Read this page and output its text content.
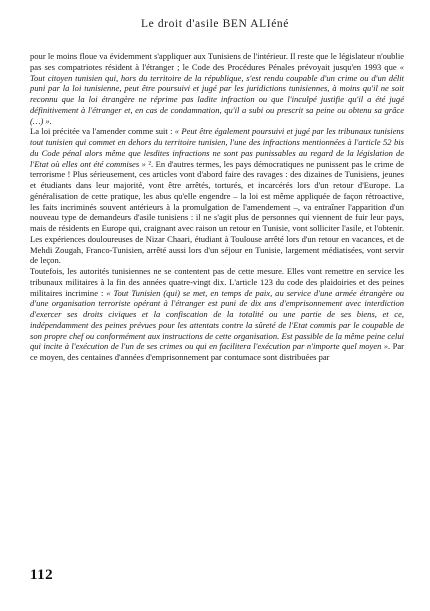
Le droit d'asile BEN ALIéné

pour le moins floue va évidemment s'appliquer aux Tunisiens de l'intérieur. Il reste que le législateur n'oublie pas ses compatriotes résident à l'étranger ; le Code des Procédures Pénales prévoyait jusqu'en 1993 que « Tout citoyen tunisien qui, hors du territoire de la république, s'est rendu coupable d'un crime ou d'un délit puni par la loi tunisienne, peut être poursuivi et jugé par les juridictions tunisiennes, à moins qu'il ne soit reconnu que la loi étrangère ne réprime pas ladite infraction ou que l'inculpé justifie qu'il a été jugé définitivement à l'étranger et, en cas de condamnation, qu'il a subi ou prescrit sa peine ou obtenu sa grâce (…) ».

La loi précitée va l'amender comme suit : « Peut être également poursuivi et jugé par les tribunaux tunisiens tout tunisien qui commet en dehors du territoire tunisien, l'une des infractions mentionnées à l'article 52 bis du Code pénal alors même que lesdites infractions ne sont pas punissables au regard de la législation de l'Etat où elles ont été commises » ². En d'autres termes, les pays démocratiques ne punissent pas le crime de terrorisme ! Plus sérieusement, ces articles vont d'abord faire des ravages : des dizaines de Tunisiens, jeunes et étudiants dans leur majorité, vont être arrêtés, torturés, et incarcérés lors d'un retour d'Europe. La généralisation de cette pratique, les abus qu'elle engendre – la loi est même appliquée de façon rétroactive, les faits incriminés souvent antérieurs à la promulgation de l'amendement –, va entraîner l'apparition d'un nouveau type de demandeurs d'asile tunisiens : il ne s'agit plus de personnes qui viennent de fuir leur pays, mais de résidents en Europe qui, craignant avec raison un retour en Tunisie, vont solliciter l'asile, et l'obtenir. Les expériences douloureuses de Nizar Chaari, étudiant à Toulouse arrêté lors d'un retour en vacances, et de Mehdi Zougah, Franco-Tunisien, arrêté aussi lors d'un séjour en Tunisie, largement médiatisées, vont servir de leçon.

Toutefois, les autorités tunisiennes ne se contentent pas de cette mesure. Elles vont remettre en service les tribunaux militaires à la fin des années quatre-vingt dix. L'article 123 du code des plaidoiries et des peines militaires incrimine : « Tout Tunisien (qui) se met, en temps de paix, au service d'une armée étrangère ou d'une organisation terroriste opérant à l'étranger est puni de dix ans d'emprisonnement avec interdiction d'exercer ses droits civiques et la confiscation de la totalité ou une partie de ses biens, et ce, indépendamment des peines prévues pour les attentats contre la sûreté de l'Etat commis par le coupable de son propre chef ou conformément aux instructions de cette organisation. Est passible de la même peine celui qui incite à l'exécution de l'un de ses crimes ou qui en facilitera l'exécution par n'importe quel moyen ». Par ce moyen, des centaines d'années d'emprisonnement par contumace sont distribuées par

112
